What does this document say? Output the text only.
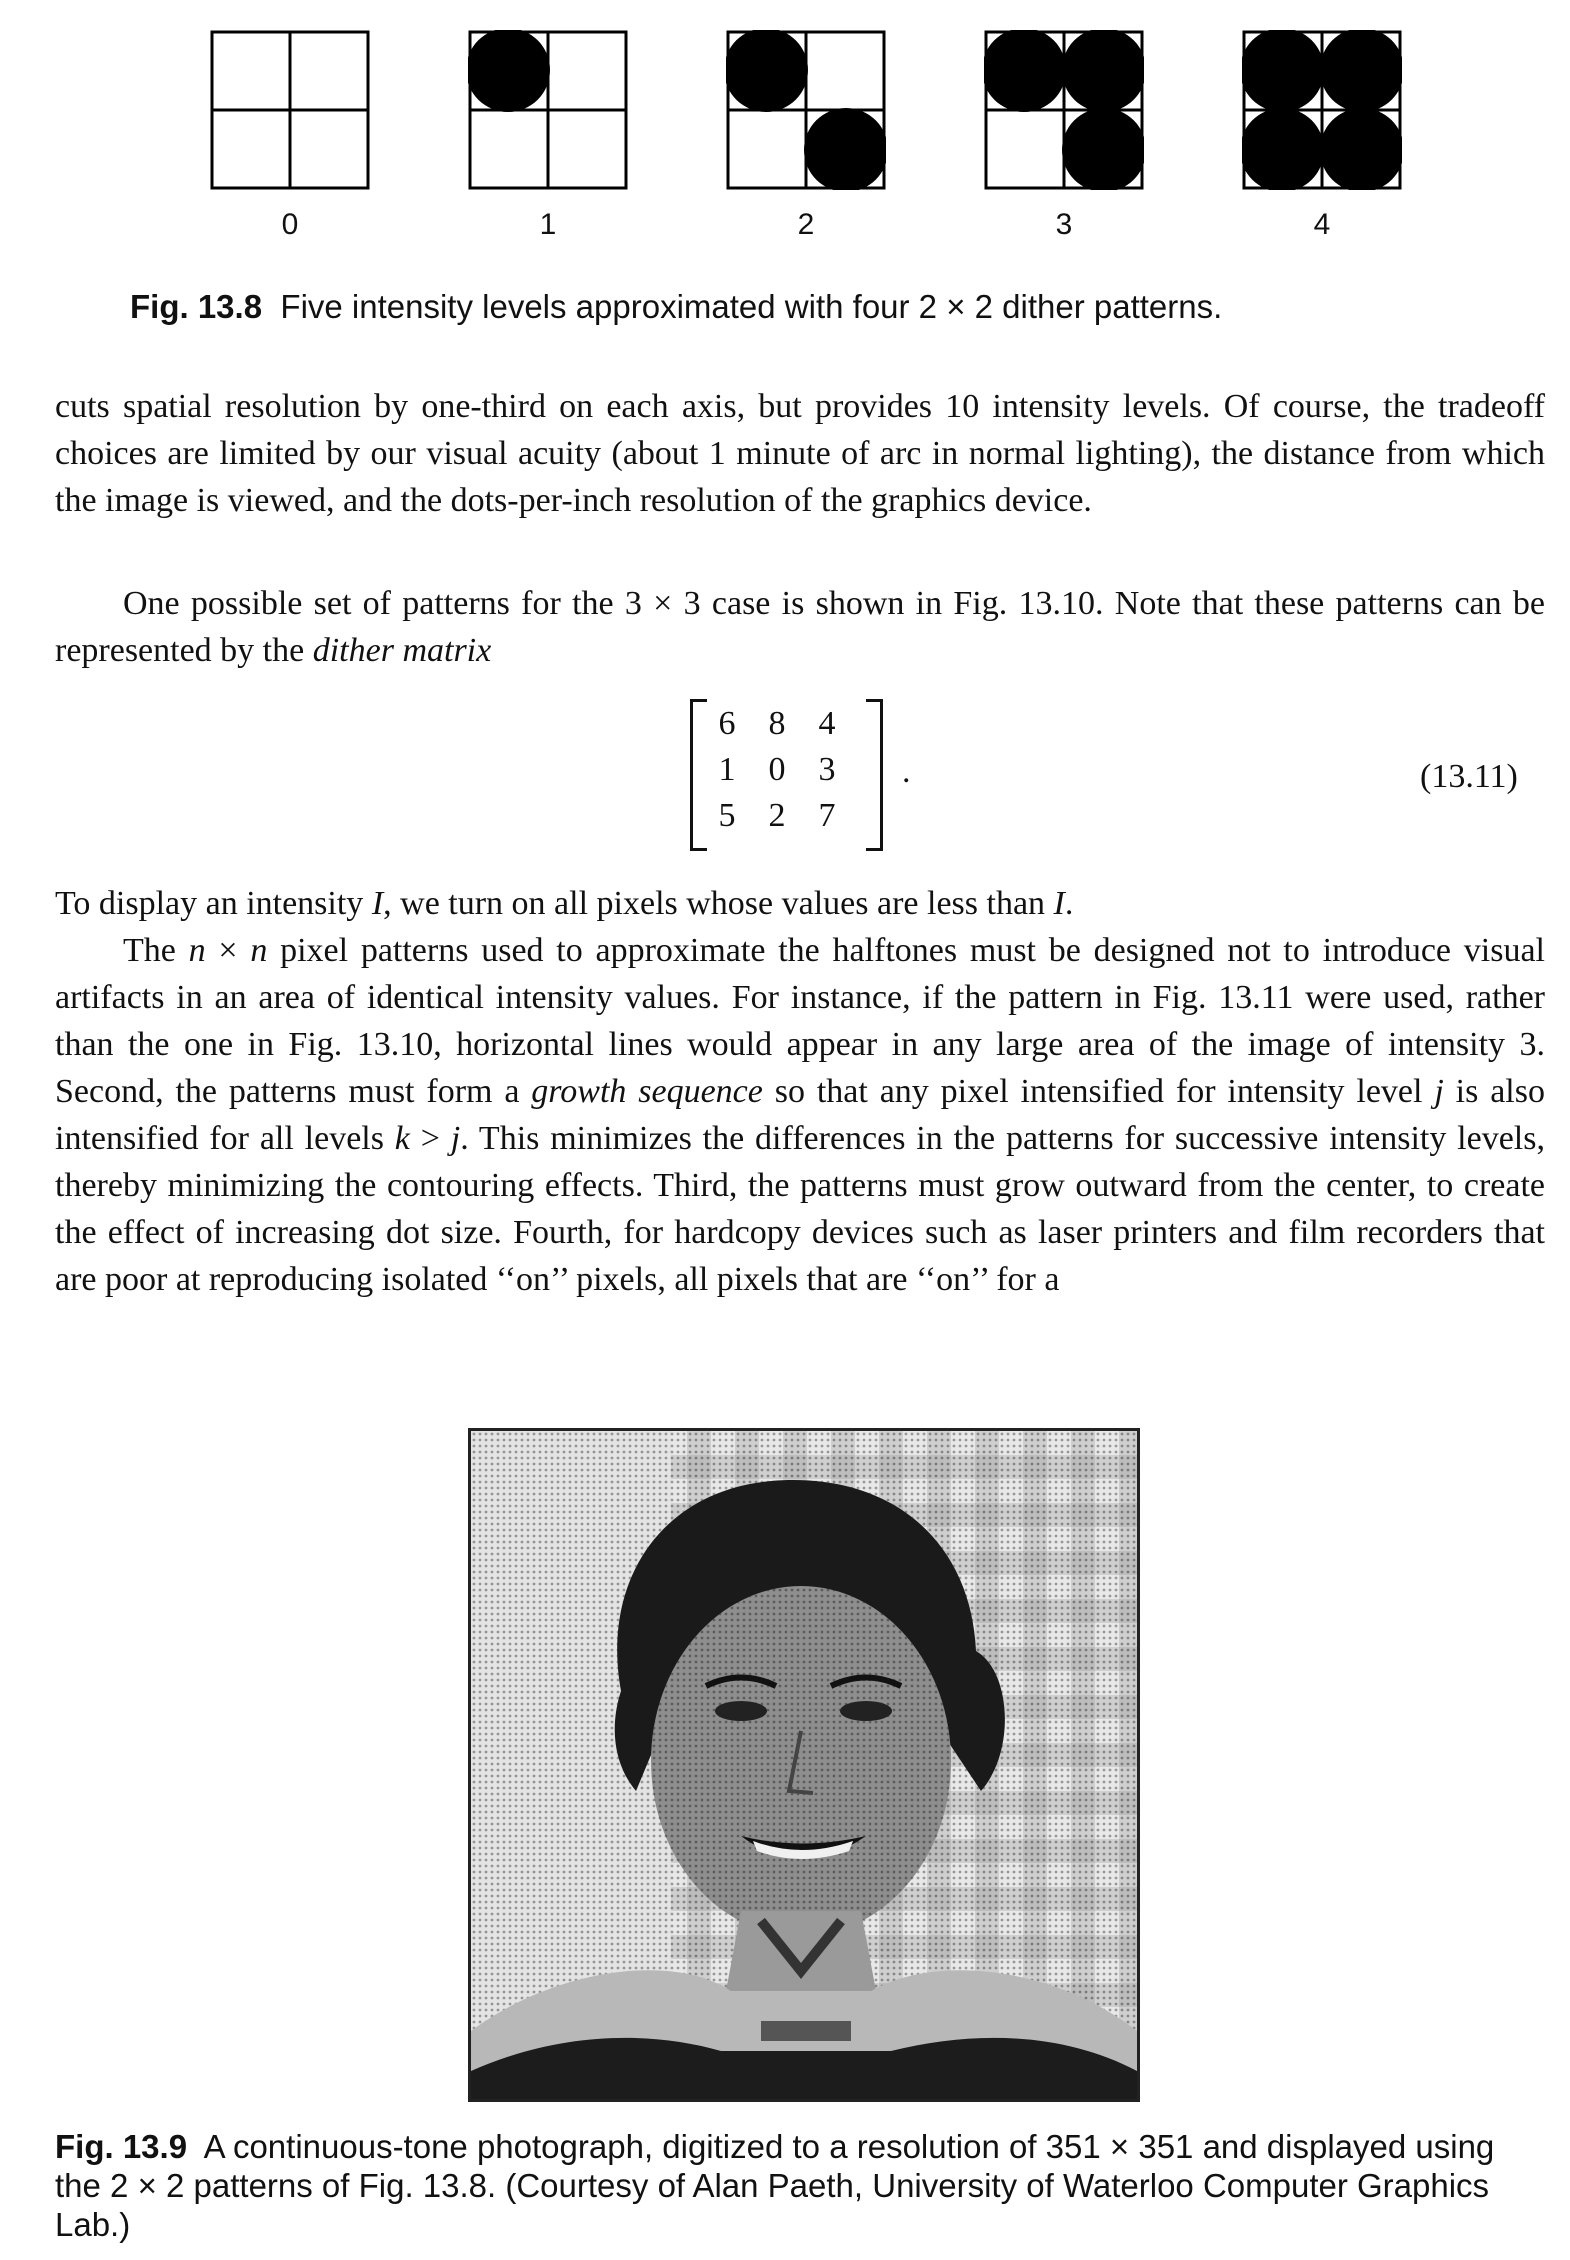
0	1	2	3	4
Fig. 13.8 Five intensity levels approximated with four 2 × 2 dither patterns.

cuts spatial resolution by one-third on each axis, but provides 10 intensity levels. Of course, the tradeoff choices are limited by our visual acuity (about 1 minute of arc in normal lighting), the distance from which the image is viewed, and the dots-per-inch resolution of the graphics device.

One possible set of patterns for the 3 × 3 case is shown in Fig. 13.10. Note that these patterns can be represented by the dither matrix

6	8	4
1	0	3
5	2	7
.	(13.11)

To display an intensity I, we turn on all pixels whose values are less than I.

The n × n pixel patterns used to approximate the halftones must be designed not to introduce visual artifacts in an area of identical intensity values. For instance, if the pattern in Fig. 13.11 were used, rather than the one in Fig. 13.10, horizontal lines would appear in any large area of the image of intensity 3. Second, the patterns must form a growth sequence so that any pixel intensified for intensity level j is also intensified for all levels k > j. This minimizes the differences in the patterns for successive intensity levels, thereby minimizing the contouring effects. Third, the patterns must grow outward from the center, to create the effect of increasing dot size. Fourth, for hardcopy devices such as laser printers and film recorders that are poor at reproducing isolated ‘‘on’’ pixels, all pixels that are ‘‘on’’ for a

Fig. 13.9 A continuous-tone photograph, digitized to a resolution of 351 × 351 and displayed using the 2 × 2 patterns of Fig. 13.8. (Courtesy of Alan Paeth, University of Waterloo Computer Graphics Lab.)
